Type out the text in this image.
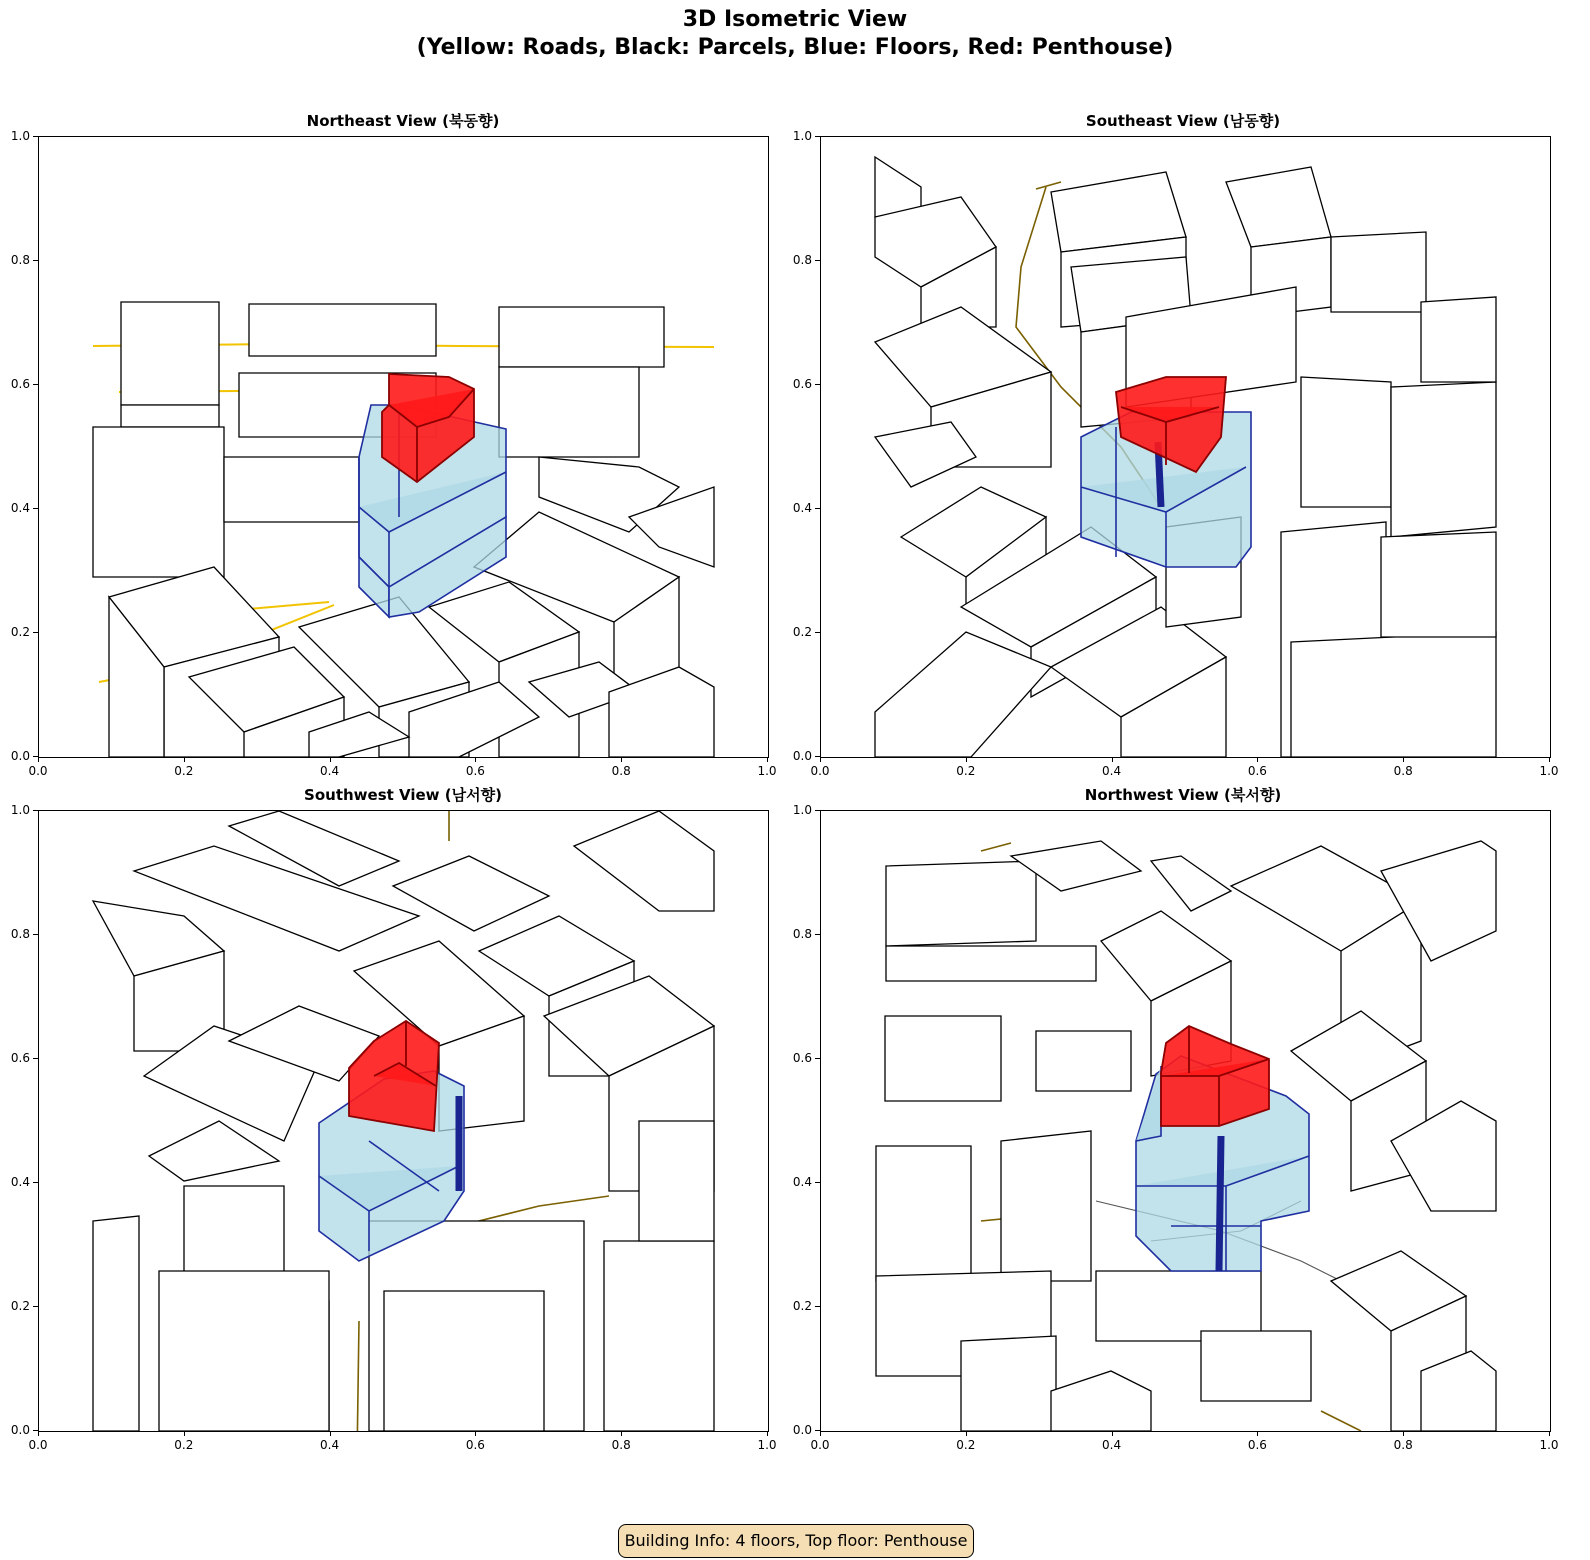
3D Isometric View
(Yellow: Roads, Black: Parcels, Blue: Floors, Red: Penthouse)
Northeast View (북동향)	Southeast View (남동향)
Southwest View (남서향)	Northwest View (북서향)
Building Info: 4 floors, Top floor: Penthouse
0.0	0.2	0.4	0.6	0.8	1.0
0.0
0.2
0.4
0.6
0.8
1.0
0.0	0.2	0.4	0.6	0.8	1.0
0.0
0.2
0.4
0.6
0.8
1.0
0.0	0.2	0.4	0.6	0.8	1.0
0.0
0.2
0.4
0.6
0.8
1.0
0.0	0.2	0.4	0.6	0.8	1.0
0.0
0.2
0.4
0.6
0.8
1.0
